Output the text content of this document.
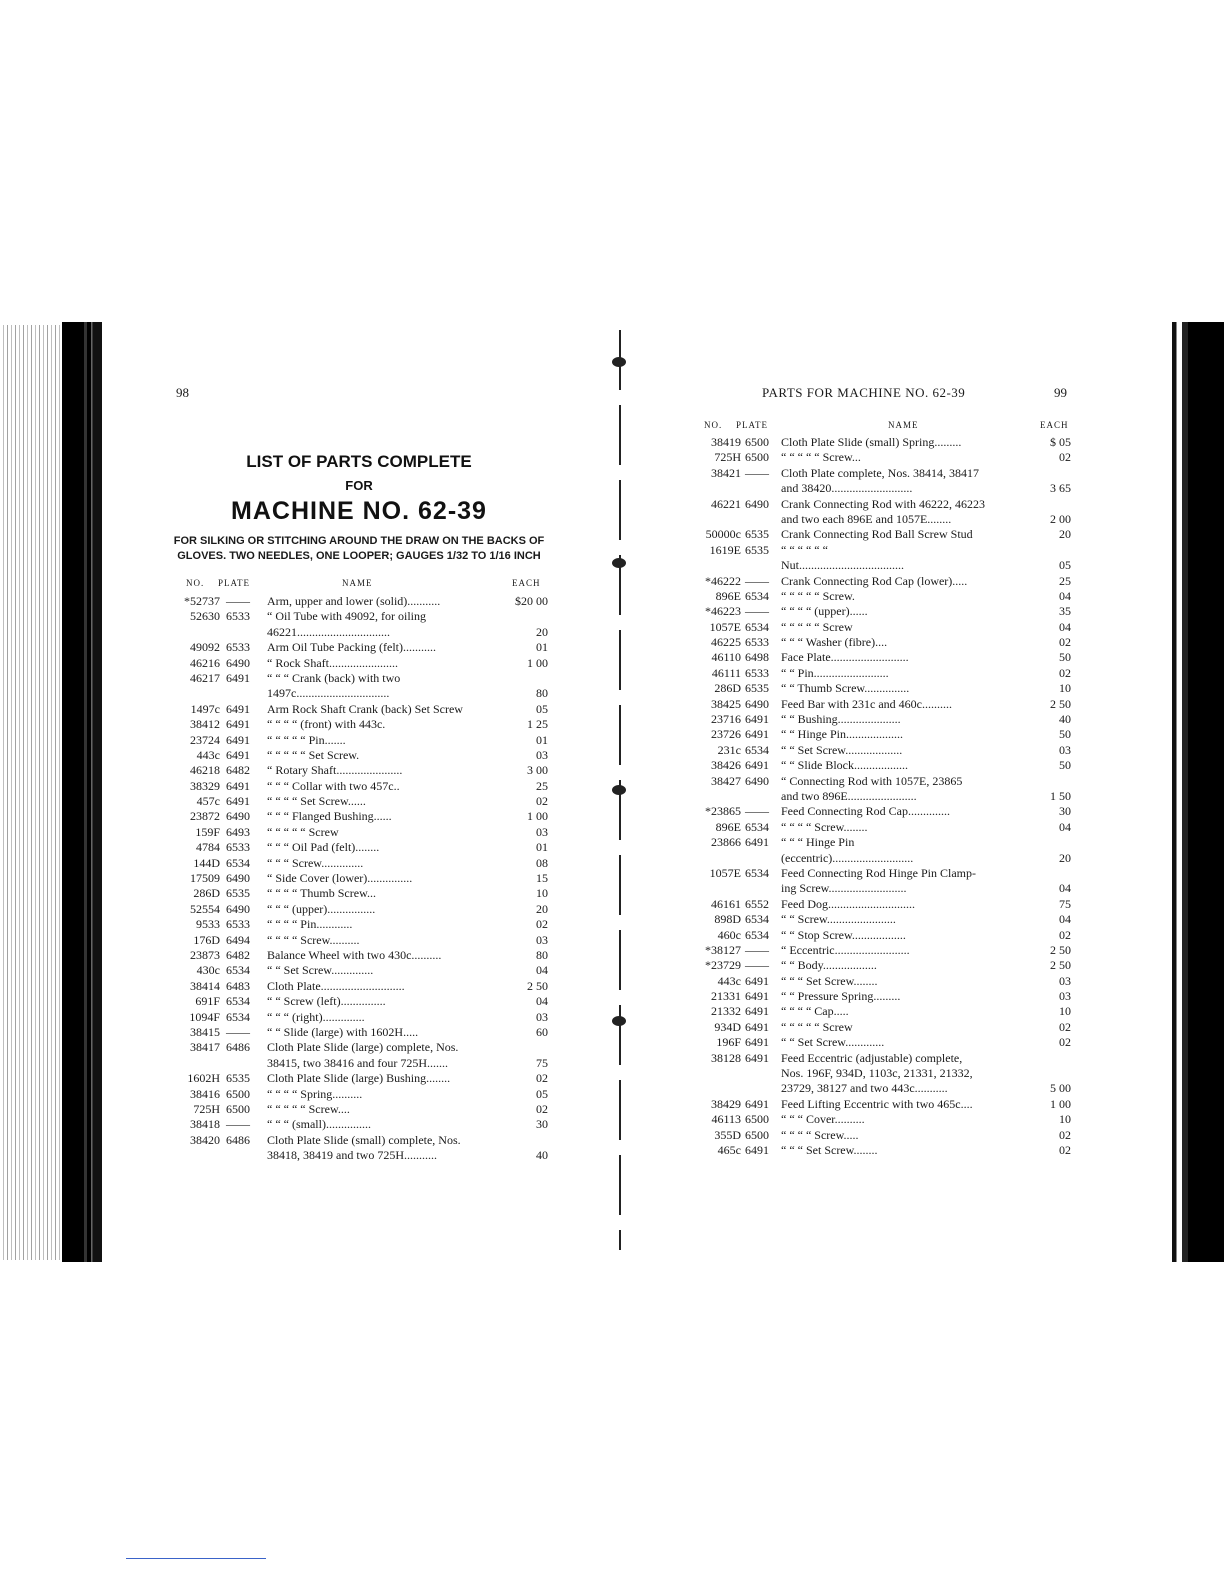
98
LIST OF PARTS COMPLETE
FOR
MACHINE NO. 62-39
FOR SILKING OR STITCHING AROUND THE DRAW ON THE BACKS OF
GLOVES. TWO NEEDLES, ONE LOOPER; GAUGES 1/32 TO 1/16 INCH
NO. PLATE	NAME	EACH
*52737 ——	Arm, upper and lower (solid)...........	$20 00
52630 6533	“ Oil Tube with 49092, for oiling
46221...............................	20
49092 6533	Arm Oil Tube Packing (felt)...........	01
46216 6490	“ Rock Shaft.......................	1 00
46217 6491	“ “ “ Crank (back) with two
1497c...............................	80
1497c 6491	Arm Rock Shaft Crank (back) Set Screw	05
38412 6491	“ “ “ “ (front) with 443c.	1 25
23724 6491	“ “ “ “ “ Pin.......	01
443c 6491	“ “ “ “ “ Set Screw.	03
46218 6482	“ Rotary Shaft......................	3 00
38329 6491	“ “ “ Collar with two 457c..	25
457c 6491	“ “ “ “ Set Screw......	02
23872 6490	“ “ “ Flanged Bushing......	1 00
159F 6493	“ “ “ “ “ Screw	03
4784 6533	“ “ “ Oil Pad (felt)........	01
144D 6534	“ “ “ Screw..............	08
17509 6490	“ Side Cover (lower)...............	15
286D 6535	“ “ “ “ Thumb Screw...	10
52554 6490	“ “ “ (upper)................	20
9533 6533	“ “ “ “ Pin............	02
176D 6494	“ “ “ “ Screw..........	03
23873 6482	Balance Wheel with two 430c..........	80
430c 6534	“ “ Set Screw..............	04
38414 6483	Cloth Plate............................	2 50
691F 6534	“ “ Screw (left)...............	04
1094F 6534	“ “ “ (right)..............	03
38415 ——	“ “ Slide (large) with 1602H.....	60
38417 6486	Cloth Plate Slide (large) complete, Nos.
38415, two 38416 and four 725H.......	75
1602H 6535	Cloth Plate Slide (large) Bushing........	02
38416 6500	“ “ “ “ Spring..........	05
725H 6500	“ “ “ “ “ Screw....	02
38418 ——	“ “ “ (small)...............	30
38420 6486	Cloth Plate Slide (small) complete, Nos.
38418, 38419 and two 725H...........	40
PARTS FOR MACHINE NO. 62-39	99
NO. PLATE	NAME	EACH
38419 6500	Cloth Plate Slide (small) Spring.........	$ 05
725H 6500	“ “ “ “ “ Screw...	02
38421 ——	Cloth Plate complete, Nos. 38414, 38417
and 38420...........................	3 65
46221 6490	Crank Connecting Rod with 46222, 46223
and two each 896E and 1057E........	2 00
50000c 6535	Crank Connecting Rod Ball Screw Stud	20
1619E 6535	“ “ “ “ “ “
Nut...................................	05
*46222 ——	Crank Connecting Rod Cap (lower).....	25
896E 6534	“ “ “ “ “ Screw.	04
*46223 ——	“ “ “ “ (upper)......	35
1057E 6534	“ “ “ “ “ Screw	04
46225 6533	“ “ “ Washer (fibre)....	02
46110 6498	Face Plate..........................	50
46111 6533	“ “ Pin.........................	02
286D 6535	“ “ Thumb Screw...............	10
38425 6490	Feed Bar with 231c and 460c..........	2 50
23716 6491	“ “ Bushing.....................	40
23726 6491	“ “ Hinge Pin...................	50
231c 6534	“ “ Set Screw...................	03
38426 6491	“ “ Slide Block..................	50
38427 6490	“ Connecting Rod with 1057E, 23865
and two 896E.......................	1 50
*23865 ——	Feed Connecting Rod Cap..............	30
896E 6534	“ “ “ “ Screw........	04
23866 6491	“ “ “ Hinge Pin
(eccentric)...........................	20
1057E 6534	Feed Connecting Rod Hinge Pin Clamp-
ing Screw..........................	04
46161 6552	Feed Dog.............................	75
898D 6534	“ “ Screw.......................	04
460c 6534	“ “ Stop Screw..................	02
*38127 ——	“ Eccentric.........................	2 50
*23729 ——	“ “ Body..................	2 50
443c 6491	“ “ “ Set Screw........	03
21331 6491	“ “ Pressure Spring.........	03
21332 6491	“ “ “ “ Cap.....	10
934D 6491	“ “ “ “ “ Screw	02
196F 6491	“ “ Set Screw.............	02
38128 6491	Feed Eccentric (adjustable) complete,
Nos. 196F, 934D, 1103c, 21331, 21332,
23729, 38127 and two 443c...........	5 00
38429 6491	Feed Lifting Eccentric with two 465c....	1 00
46113 6500	“ “ “ Cover..........	10
355D 6500	“ “ “ “ Screw.....	02
465c 6491	“ “ “ Set Screw........	02
